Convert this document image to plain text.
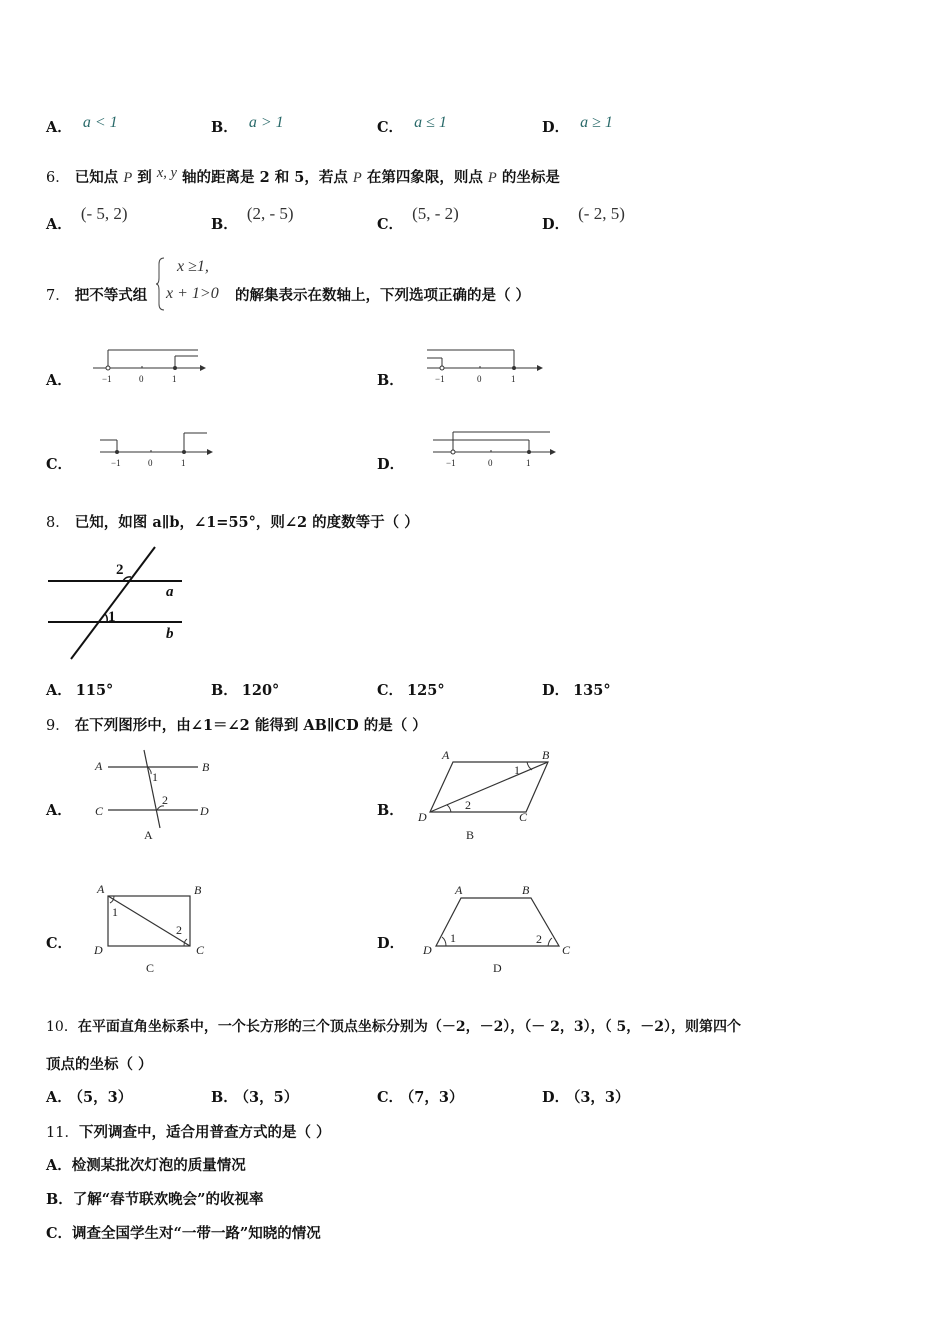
A． a < 1	B． a > 1	C． a ≤ 1	D． a ≥ 1
6． 已知点 P 到 x, y 轴的距离是 2 和 5，若点 P 在第四象限，则点 P 的坐标是
A． (- 5, 2)
B． (2, - 5)
C． (5, - 2)
D． (- 2, 5)
7． 把不等式组
x ≥1,
x + 1>0 的解集表示在数轴上，下列选项正确的是（ ）
A．	−1	0	1	B．	−1	0	1
C．	−1	0	1	D．	−1	0	1
8． 已知，如图 a∥b，∠1=55°，则∠2 的度数等于（ ）
2
1
a
b
A． 115°	B． 120°	C． 125°	D． 135°
9． 在下列图形中，由∠1＝∠2 能得到 AB∥CD 的是（ ）
A．
A	B
C	D
1
2
A
B．
A	B
D	C
1
2
B
C．
A	B
D	C
1
2
C
D．
A	B
D	C
1	2
D
10．在平面直角坐标系中，一个长方形的三个顶点坐标分别为（－2，－2），（－ 2，3），（ 5，－2），则第四个
顶点的坐标（ ）
A． （5，3）	B． （3，5）	C． （7，3）	D． （3，3）
11．下列调查中，适合用普查方式的是（ ）
A．检测某批次灯泡的质量情况
B．了解“春节联欢晚会”的收视率
C．调查全国学生对“一带一路”知晓的情况
